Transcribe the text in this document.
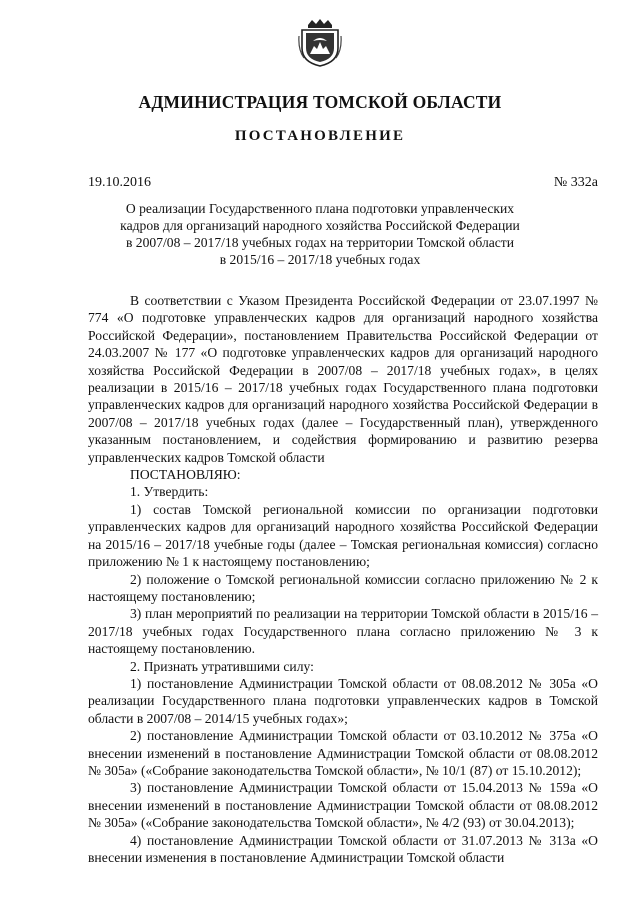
АДМИНИСТРАЦИЯ ТОМСКОЙ ОБЛАСТИ
ПОСТАНОВЛЕНИЕ
19.10.2016	№ 332а
О реализации Государственного плана подготовки управленческих
кадров для организаций народного хозяйства Российской Федерации
в 2007/08 – 2017/18 учебных годах на территории Томской области
в 2015/16 – 2017/18 учебных годах

В соответствии с Указом Президента Российской Федерации от 23.07.1997 № 774 «О подготовке управленческих кадров для организаций народного хозяйства Российской Федерации», постановлением Правительства Российской Федерации от 24.03.2007 № 177 «О подготовке управленческих кадров для организаций народного хозяйства Российской Федерации в 2007/08 – 2017/18 учебных годах», в целях реализации в 2015/16 – 2017/18 учебных годах Государственного плана подготовки управленческих кадров для организаций народного хозяйства Российской Федерации в 2007/08 – 2017/18 учебных годах (далее – Государственный план), утвержденного указанным постановлением, и содействия формированию и развитию резерва управленческих кадров Томской области

ПОСТАНОВЛЯЮ:

1. Утвердить:

1) состав Томской региональной комиссии по организации подготовки управленческих кадров для организаций народного хозяйства Российской Федерации на 2015/16 – 2017/18 учебные годы (далее – Томская региональная комиссия) согласно приложению № 1 к настоящему постановлению;

2) положение о Томской региональной комиссии согласно приложению № 2 к настоящему постановлению;

3) план мероприятий по реализации на территории Томской области в 2015/16 – 2017/18 учебных годах Государственного плана согласно приложению № 3 к настоящему постановлению.

2. Признать утратившими силу:

1) постановление Администрации Томской области от 08.08.2012 № 305а «О реализации Государственного плана подготовки управленческих кадров в Томской области в 2007/08 – 2014/15 учебных годах»;

2) постановление Администрации Томской области от 03.10.2012 № 375а «О внесении изменений в постановление Администрации Томской области от 08.08.2012 № 305а» («Собрание законодательства Томской области», № 10/1 (87) от 15.10.2012);

3) постановление Администрации Томской области от 15.04.2013 № 159а «О внесении изменений в постановление Администрации Томской области от 08.08.2012 № 305а» («Собрание законодательства Томской области», № 4/2 (93) от 30.04.2013);

4) постановление Администрации Томской области от 31.07.2013 № 313а «О внесении изменения в постановление Администрации Томской области
